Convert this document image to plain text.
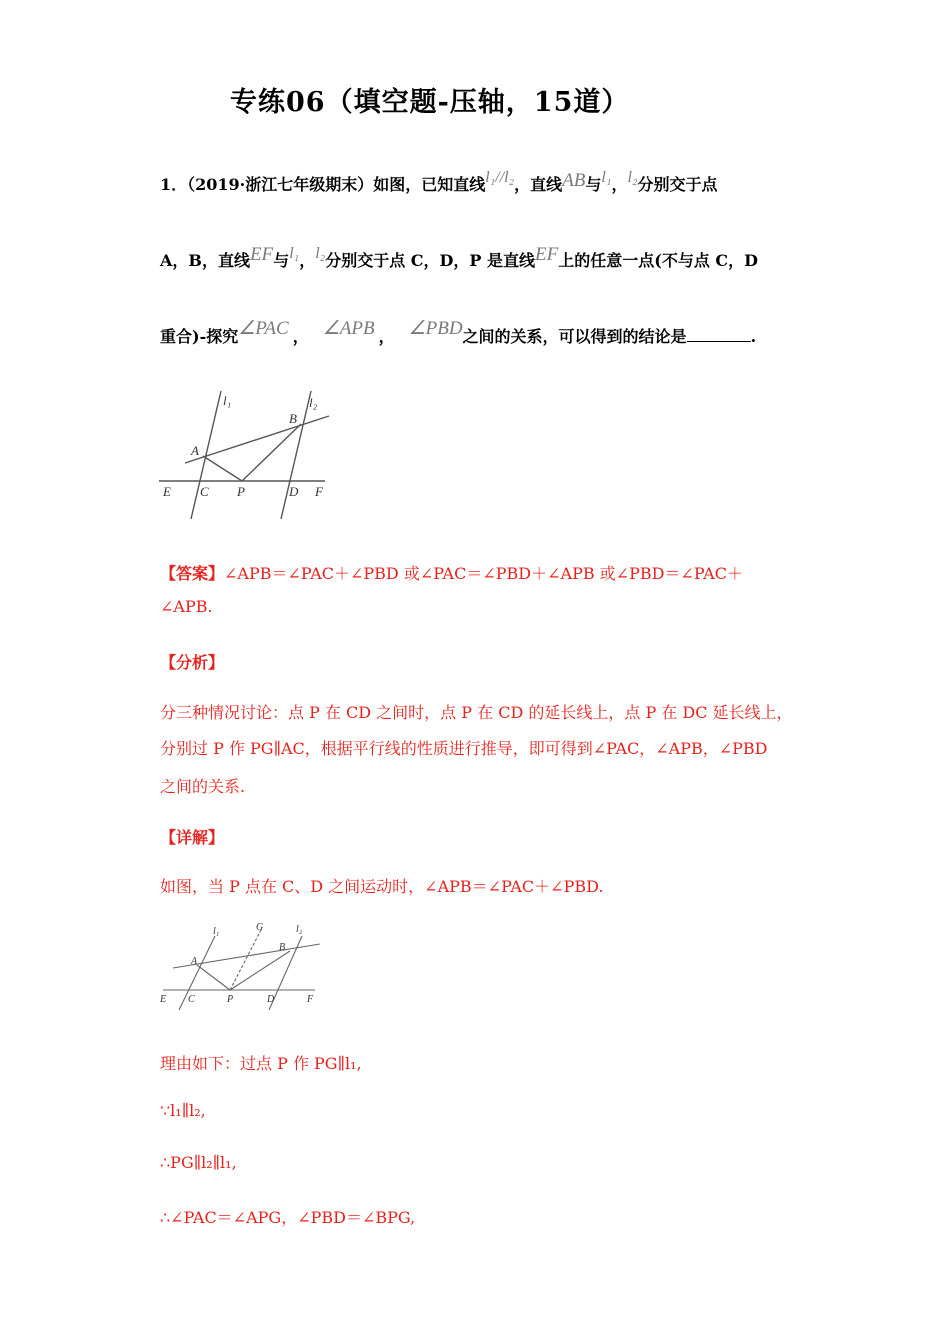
专练06（填空题-压轴，15道）
1．（2019·浙江七年级期末）如图，已知直线l₁//l₂，直线AB与l₁，l₂分别交于点
A，B，直线EF与l₁，l₂分别交于点 C，D，P 是直线EF上的任意一点(不与点 C，D
重合)-探究∠PAC ， ∠APB ， ∠PBD之间的关系，可以得到的结论是	.
l₁	l₂
A
B
E C P	D F
【答案】∠APB＝∠PAC＋∠PBD 或∠PAC＝∠PBD＋∠APB 或∠PBD＝∠PAC＋
∠APB.
【分析】
分三种情况讨论：点 P 在 CD 之间时，点 P 在 CD 的延长线上，点 P 在 DC 延长线上，
分别过 P 作 PG∥AC，根据平行线的性质进行推导，即可得到∠PAC，∠APB，∠PBD
之间的关系.
【详解】
如图，当 P 点在 C、D 之间运动时，∠APB＝∠PAC＋∠PBD.
l₁	G	l₂
A
B
E C	P	D	F
理由如下：过点 P 作 PG∥l₁,
∵l₁∥l₂,
∴PG∥l₂∥l₁,
∴∠PAC＝∠APG，∠PBD＝∠BPG,
